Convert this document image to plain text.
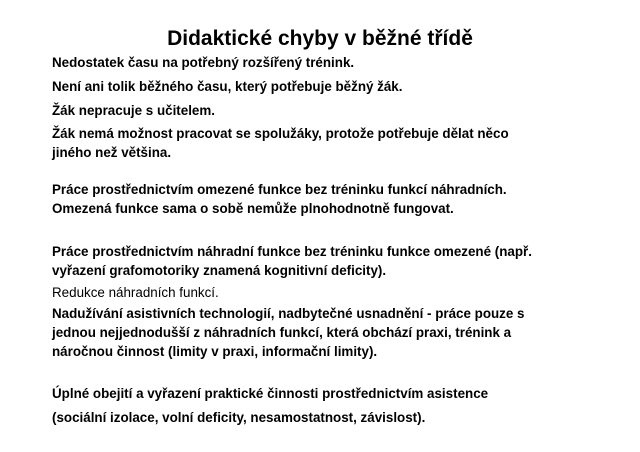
Didaktické chyby v běžné třídě
Nedostatek času na potřebný rozšířený trénink.
Není ani tolik běžného času, který potřebuje běžný žák.
Žák nepracuje s učitelem.
Žák nemá možnost pracovat se spolužáky, protože potřebuje dělat něco
jiného než většina.
Práce prostřednictvím omezené funkce bez tréninku funkcí náhradních.
Omezená funkce sama o sobě nemůže plnohodnotně fungovat.
Práce prostřednictvím náhradní funkce bez tréninku funkce omezené (např.
vyřazení grafomotoriky znamená kognitivní deficity).
Redukce náhradních funkcí.
Nadužívání asistivních technologií, nadbytečné usnadnění - práce pouze s
jednou nejjednodušší z náhradních funkcí, která obchází praxi, trénink a
náročnou činnost (limity v praxi, informační limity).
Úplné obejití a vyřazení praktické činnosti prostřednictvím asistence
(sociální izolace, volní deficity, nesamostatnost, závislost).
